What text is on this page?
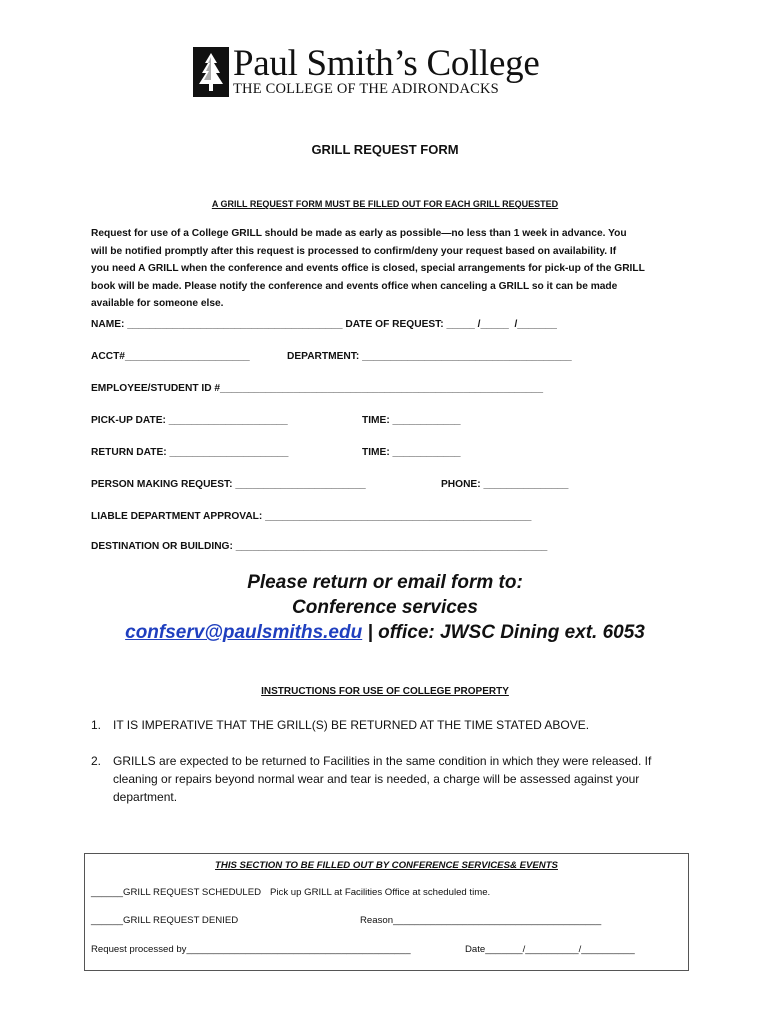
Paul Smith’s College
THE COLLEGE OF THE ADIRONDACKS
GRILL REQUEST FORM
A GRILL REQUEST FORM MUST BE FILLED OUT FOR EACH GRILL REQUESTED
Request for use of a College GRILL should be made as early as possible—no less than 1 week in advance. You
will be notified promptly after this request is processed to confirm/deny your request based on availability. If
you need A GRILL when the conference and events office is closed, special arrangements for pick-up of the GRILL
book will be made. Please notify the conference and events office when canceling a GRILL so it can be made
available for someone else.
NAME: ______________________________________ DATE OF REQUEST: _____ /_____  /_______
ACCT#______________________	DEPARTMENT: _____________________________________
EMPLOYEE/STUDENT ID #_________________________________________________________
PICK-UP DATE: _____________________	TIME: ____________
RETURN DATE: _____________________	TIME: ____________
PERSON MAKING REQUEST: _______________________	PHONE: _______________
LIABLE DEPARTMENT APPROVAL: _______________________________________________
DESTINATION OR BUILDING: _______________________________________________________
Please return or email form to:
Conference services
confserv@paulsmiths.edu | office: JWSC Dining ext. 6053
INSTRUCTIONS FOR USE OF COLLEGE PROPERTY
1. IT IS IMPERATIVE THAT THE GRILL(S) BE RETURNED AT THE TIME STATED ABOVE.
2. GRILLS are expected to be returned to Facilities in the same condition in which they were released. If cleaning or repairs beyond normal wear and tear is needed, a charge will be assessed against your department.
THIS SECTION TO BE FILLED OUT BY CONFERENCE SERVICES& EVENTS
______GRILL REQUEST SCHEDULED Pick up GRILL at Facilities Office at scheduled time.
______GRILL REQUEST DENIED	Reason_______________________________________
Request processed by__________________________________________	Date_______/__________/__________
